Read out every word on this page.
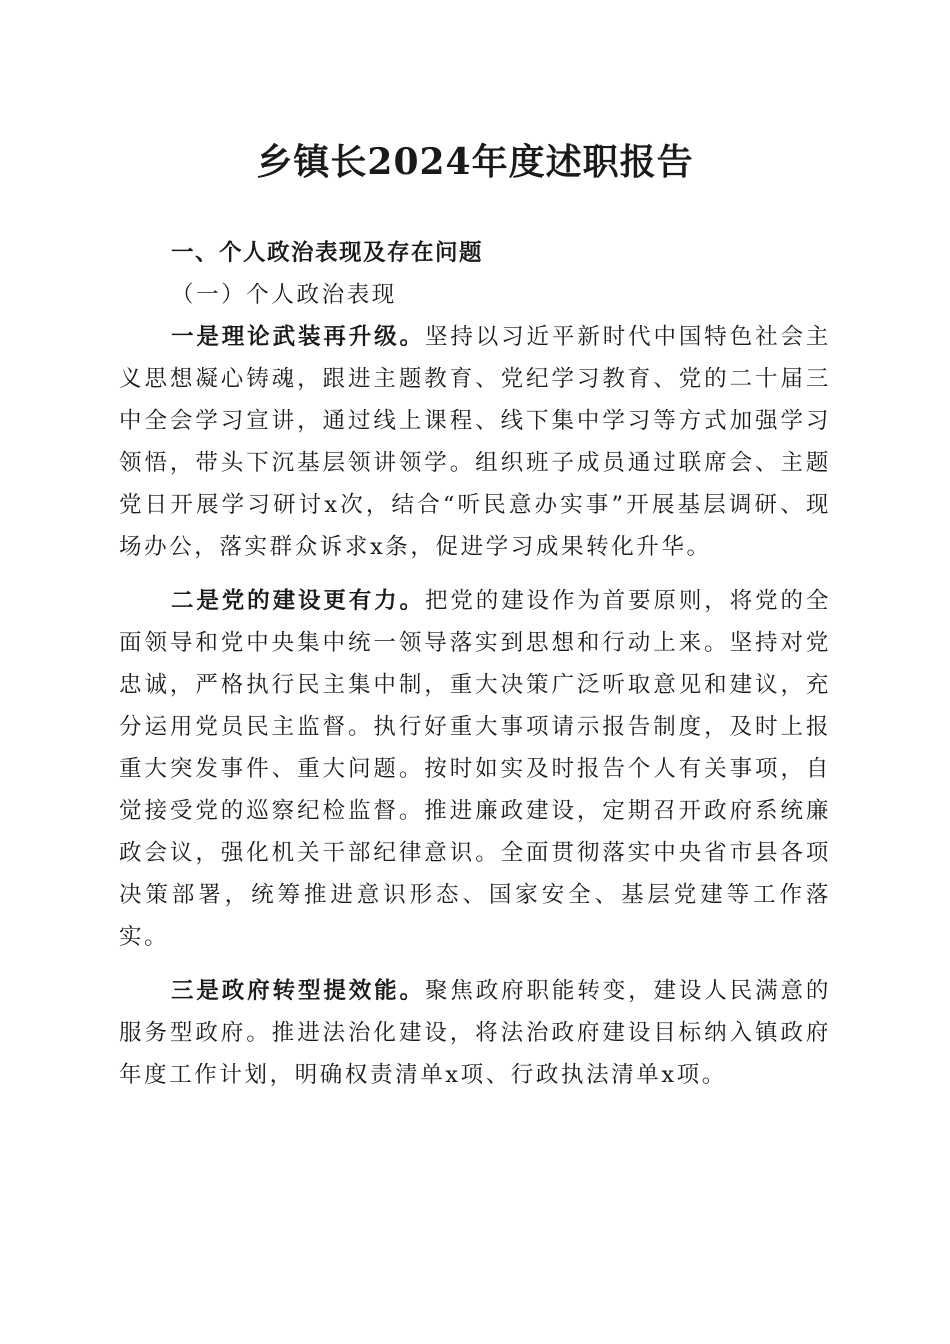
乡镇长2024年度述职报告

一、个人政治表现及存在问题

（一）个人政治表现

一是理论武装再升级。坚持以习近平新时代中国特色社会主义思想凝心铸魂，跟进主题教育、党纪学习教育、党的二十届三中全会学习宣讲，通过线上课程、线下集中学习等方式加强学习领悟，带头下沉基层领讲领学。组织班子成员通过联席会、主题党日开展学习研讨x次，结合“听民意办实事”开展基层调研、现场办公，落实群众诉求x条，促进学习成果转化升华。

二是党的建设更有力。把党的建设作为首要原则，将党的全面领导和党中央集中统一领导落实到思想和行动上来。坚持对党忠诚，严格执行民主集中制，重大决策广泛听取意见和建议，充分运用党员民主监督。执行好重大事项请示报告制度，及时上报重大突发事件、重大问题。按时如实及时报告个人有关事项，自觉接受党的巡察纪检监督。推进廉政建设，定期召开政府系统廉政会议，强化机关干部纪律意识。全面贯彻落实中央省市县各项决策部署，统筹推进意识形态、国家安全、基层党建等工作落实。

三是政府转型提效能。聚焦政府职能转变，建设人民满意的服务型政府。推进法治化建设，将法治政府建设目标纳入镇政府年度工作计划，明确权责清单x项、行政执法清单x项。
